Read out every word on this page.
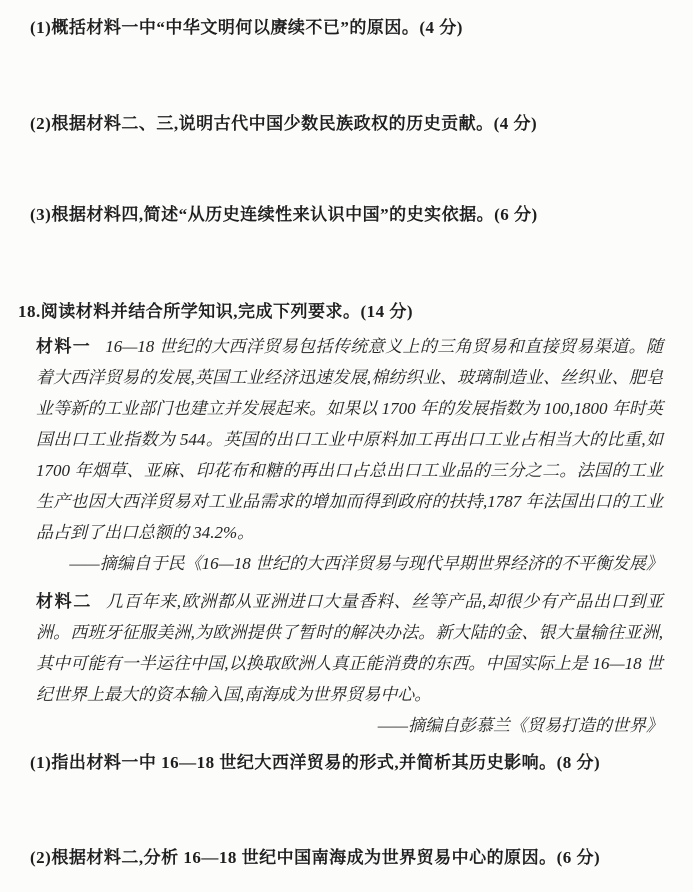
(1)概括材料一中“中华文明何以赓续不已”的原因。(4 分)

(2)根据材料二、三,说明古代中国少数民族政权的历史贡献。(4 分)

(3)根据材料四,简述“从历史连续性来认识中国”的史实依据。(6 分)

18.阅读材料并结合所学知识,完成下列要求。(14 分)

材料一 16—18 世纪的大西洋贸易包括传统意义上的三角贸易和直接贸易渠道。随着大西洋贸易的发展,英国工业经济迅速发展,棉纺织业、玻璃制造业、丝织业、肥皂业等新的工业部门也建立并发展起来。如果以 1700 年的发展指数为 100,1800 年时英国出口工业指数为 544。英国的出口工业中原料加工再出口工业占相当大的比重,如 1700 年烟草、亚麻、印花布和糖的再出口占总出口工业品的三分之二。法国的工业生产也因大西洋贸易对工业品需求的增加而得到政府的扶持,1787 年法国出口的工业品占到了出口总额的 34.2%。

——摘编自于民《16—18 世纪的大西洋贸易与现代早期世界经济的不平衡发展》

材料二 几百年来,欧洲都从亚洲进口大量香料、丝等产品,却很少有产品出口到亚洲。西班牙征服美洲,为欧洲提供了暂时的解决办法。新大陆的金、银大量输往亚洲,其中可能有一半运往中国,以换取欧洲人真正能消费的东西。中国实际上是 16—18 世纪世界上最大的资本输入国,南海成为世界贸易中心。

——摘编自彭慕兰《贸易打造的世界》

(1)指出材料一中 16—18 世纪大西洋贸易的形式,并简析其历史影响。(8 分)

(2)根据材料二,分析 16—18 世纪中国南海成为世界贸易中心的原因。(6 分)
